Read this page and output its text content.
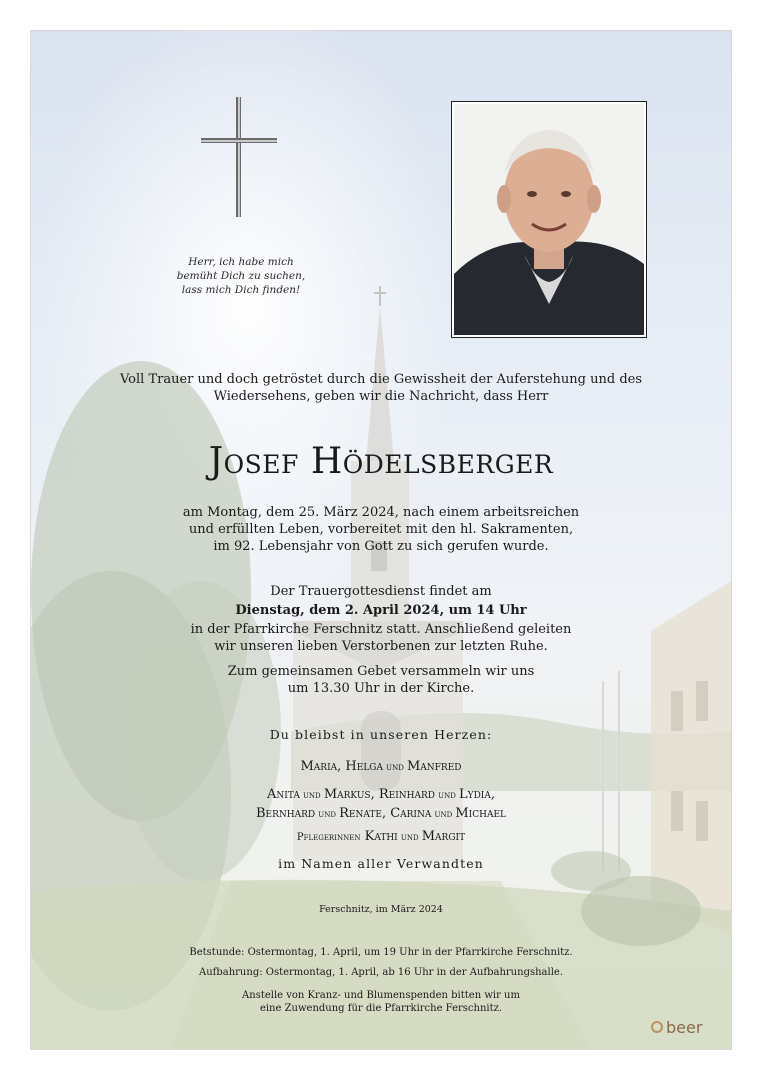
Herr, ich habe mich
bemüht Dich zu suchen,
lass mich Dich finden!
Voll Trauer und doch getröstet durch die Gewissheit der Auferstehung und des
Wiedersehens, geben wir die Nachricht, dass Herr
Josef Hödelsberger
am Montag, dem 25. März 2024, nach einem arbeitsreichen
und erfüllten Leben, vorbereitet mit den hl. Sakramenten,
im 92. Lebensjahr von Gott zu sich gerufen wurde.
Der Trauergottesdienst findet am
Dienstag, dem 2. April 2024, um 14 Uhr
in der Pfarrkirche Ferschnitz statt. Anschließend geleiten
wir unseren lieben Verstorbenen zur letzten Ruhe.
Zum gemeinsamen Gebet versammeln wir uns
um 13.30 Uhr in der Kirche.
Du bleibst in unseren Herzen:
Maria, Helga und Manfred
Anita und Markus, Reinhard und Lydia,
Bernhard und Renate, Carina und Michael
Pflegerinnen Kathi und Margit
im Namen aller Verwandten
Ferschnitz, im März 2024
Betstunde: Ostermontag, 1. April, um 19 Uhr in der Pfarrkirche Ferschnitz.
Aufbahrung: Ostermontag, 1. April, ab 16 Uhr in der Aufbahrungshalle.
Anstelle von Kranz- und Blumenspenden bitten wir um
eine Zuwendung für die Pfarrkirche Ferschnitz.
beer
